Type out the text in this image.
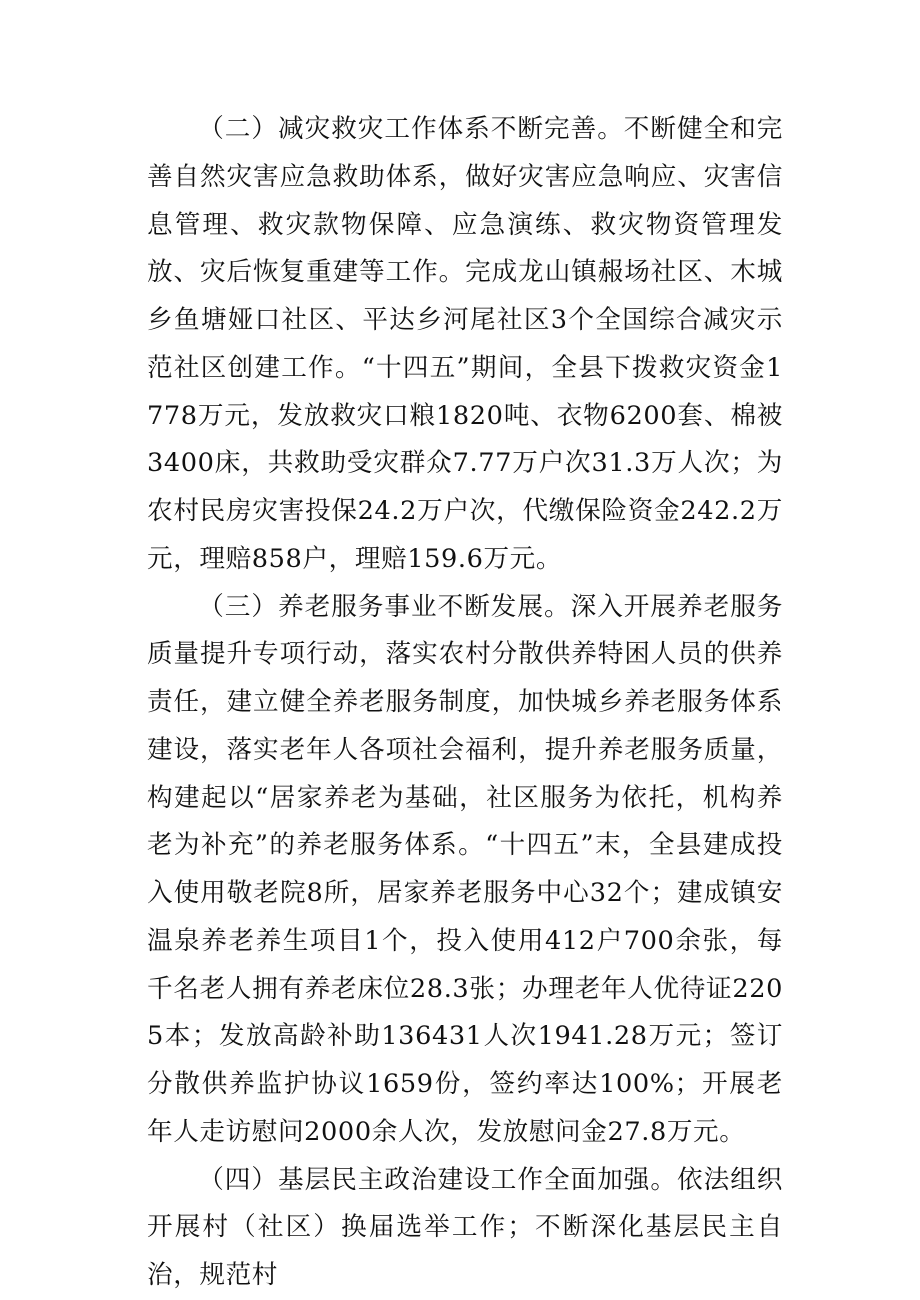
（二）减灾救灾工作体系不断完善。不断健全和完善自然灾害应急救助体系，做好灾害应急响应、灾害信息管理、救灾款物保障、应急演练、救灾物资管理发放、灾后恢复重建等工作。完成龙山镇赧场社区、木城乡鱼塘娅口社区、平达乡河尾社区3个全国综合减灾示范社区创建工作。“十四五”期间，全县下拨救灾资金1778万元，发放救灾口粮1820吨、衣物6200套、棉被3400床，共救助受灾群众7.77万户次31.3万人次；为农村民房灾害投保24.2万户次，代缴保险资金242.2万元，理赔858户，理赔159.6万元。

（三）养老服务事业不断发展。深入开展养老服务质量提升专项行动，落实农村分散供养特困人员的供养责任，建立健全养老服务制度，加快城乡养老服务体系建设，落实老年人各项社会福利，提升养老服务质量，构建起以“居家养老为基础，社区服务为依托，机构养老为补充”的养老服务体系。“十四五”末，全县建成投入使用敬老院8所，居家养老服务中心32个；建成镇安温泉养老养生项目1个，投入使用412户700余张，每千名老人拥有养老床位28.3张；办理老年人优待证2205本；发放高龄补助136431人次1941.28万元；签订分散供养监护协议1659份，签约率达100%；开展老年人走访慰问2000余人次，发放慰问金27.8万元。

（四）基层民主政治建设工作全面加强。依法组织开展村（社区）换届选举工作；不断深化基层民主自治，规范村
